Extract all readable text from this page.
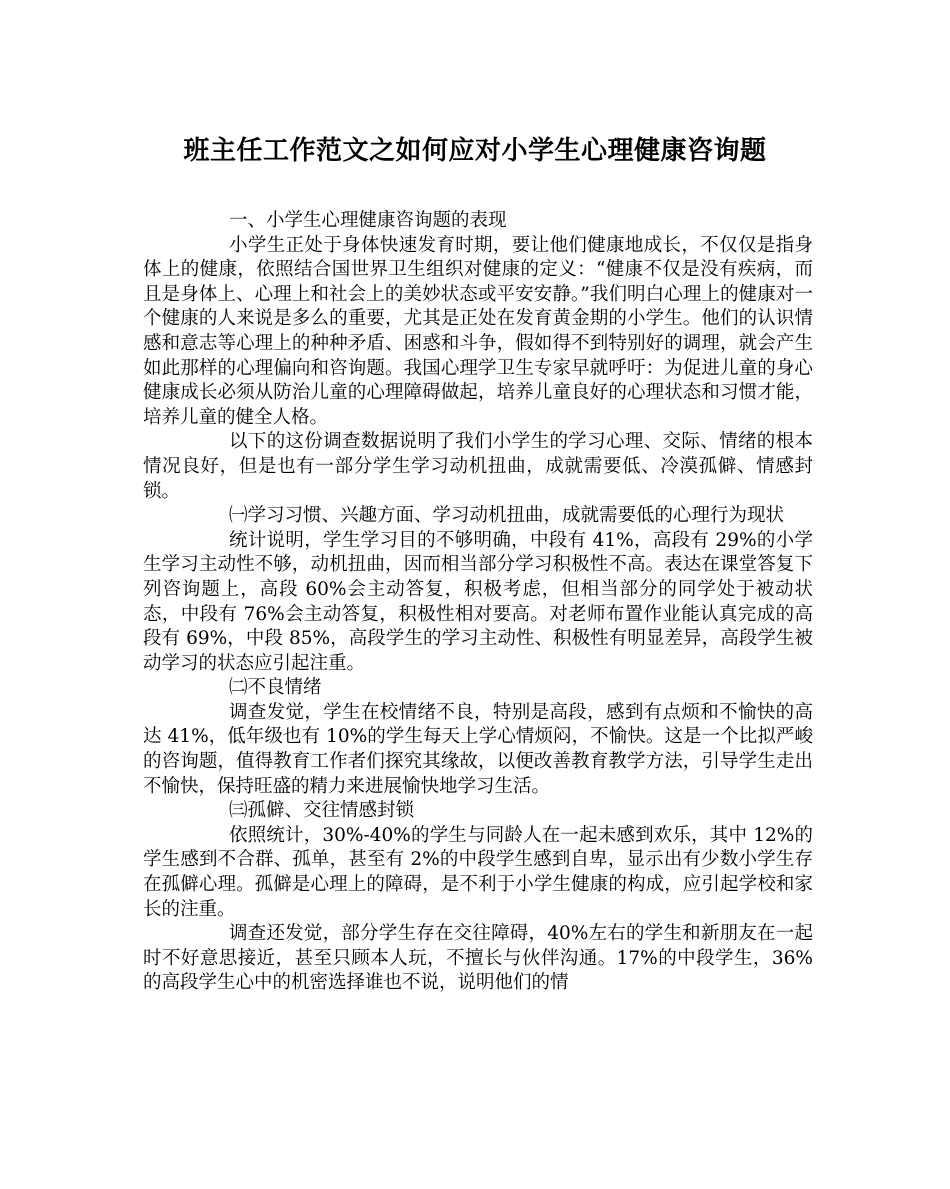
班主任工作范文之如何应对小学生心理健康咨询题

一、小学生心理健康咨询题的表现

小学生正处于身体快速发育时期，要让他们健康地成长，不仅仅是指身体上的健康，依照结合国世界卫生组织对健康的定义：“健康不仅是没有疾病，而且是身体上、心理上和社会上的美妙状态或平安安静。”我们明白心理上的健康对一个健康的人来说是多么的重要，尤其是正处在发育黄金期的小学生。他们的认识情感和意志等心理上的种种矛盾、困惑和斗争，假如得不到特别好的调理，就会产生如此那样的心理偏向和咨询题。我国心理学卫生专家早就呼吁：为促进儿童的身心健康成长必须从防治儿童的心理障碍做起，培养儿童良好的心理状态和习惯才能，培养儿童的健全人格。

以下的这份调查数据说明了我们小学生的学习心理、交际、情绪的根本情况良好，但是也有一部分学生学习动机扭曲，成就需要低、冷漠孤僻、情感封锁。

㈠学习习惯、兴趣方面、学习动机扭曲，成就需要低的心理行为现状

统计说明，学生学习目的不够明确，中段有 41%，高段有 29%的小学生学习主动性不够，动机扭曲，因而相当部分学习积极性不高。表达在课堂答复下列咨询题上，高段 60%会主动答复，积极考虑，但相当部分的同学处于被动状态，中段有 76%会主动答复，积极性相对要高。对老师布置作业能认真完成的高段有 69%，中段 85%，高段学生的学习主动性、积极性有明显差异，高段学生被动学习的状态应引起注重。

㈡不良情绪

调查发觉，学生在校情绪不良，特别是高段，感到有点烦和不愉快的高达 41%，低年级也有 10%的学生每天上学心情烦闷，不愉快。这是一个比拟严峻的咨询题，值得教育工作者们探究其缘故，以便改善教育教学方法，引导学生走出不愉快，保持旺盛的精力来进展愉快地学习生活。

㈢孤僻、交往情感封锁

依照统计，30%-40%的学生与同龄人在一起未感到欢乐，其中 12%的学生感到不合群、孤单，甚至有 2%的中段学生感到自卑，显示出有少数小学生存在孤僻心理。孤僻是心理上的障碍，是不利于小学生健康的构成，应引起学校和家长的注重。

调查还发觉，部分学生存在交往障碍，40%左右的学生和新朋友在一起时不好意思接近，甚至只顾本人玩，不擅长与伙伴沟通。17%的中段学生，36%的高段学生心中的机密选择谁也不说，说明他们的情
